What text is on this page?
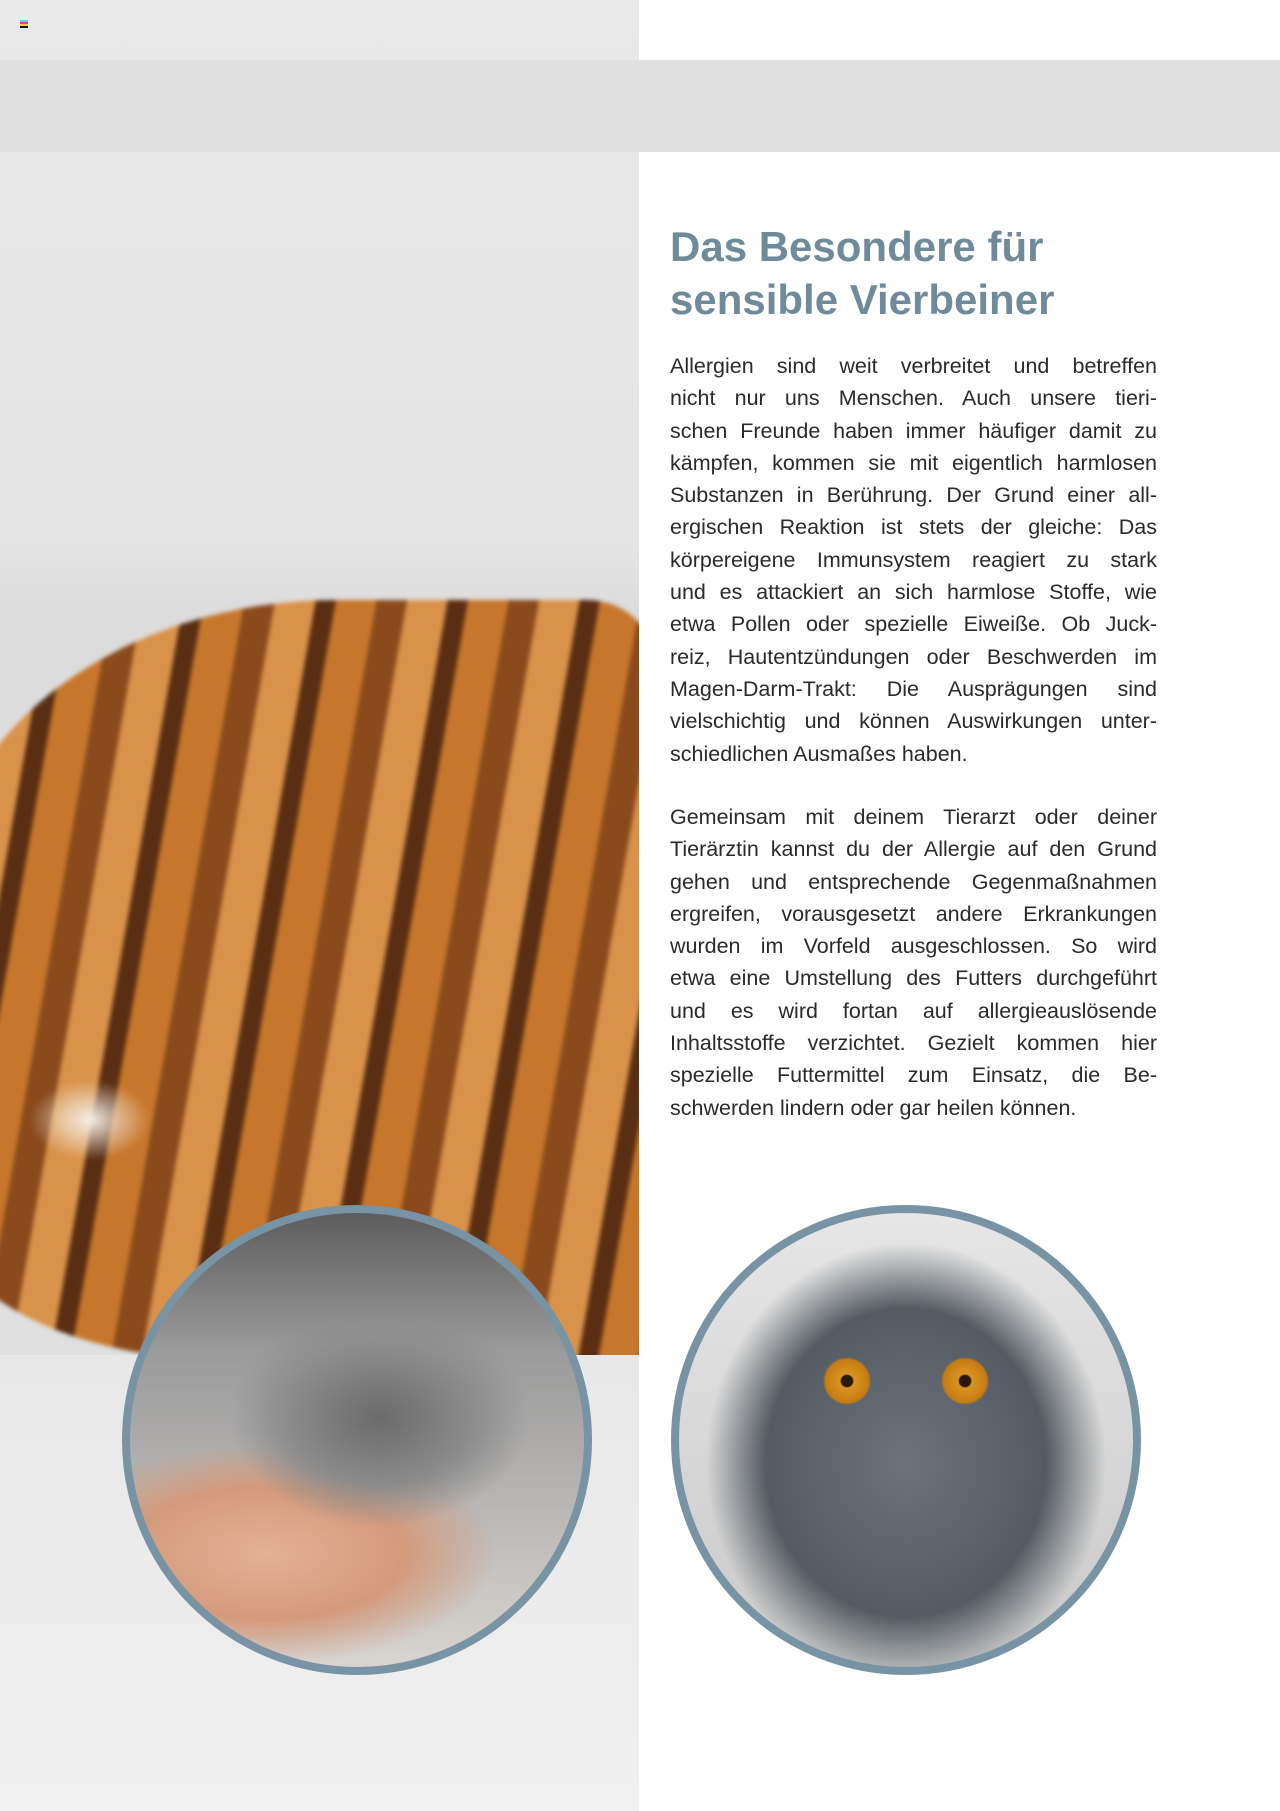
Das Besondere für
sensible Vierbeiner
Allergien sind weit verbreitet und betreffen
nicht nur uns Menschen. Auch unsere tieri-
schen Freunde haben immer häufiger damit zu
kämpfen, kommen sie mit eigentlich harmlosen
Substanzen in Berührung. Der Grund einer all-
ergischen Reaktion ist stets der gleiche: Das
körpereigene Immunsystem reagiert zu stark
und es attackiert an sich harmlose Stoffe, wie
etwa Pollen oder spezielle Eiweiße. Ob Juck-
reiz, Hautentzündungen oder Beschwerden im
Magen-Darm-Trakt: Die Ausprägungen sind
vielschichtig und können Auswirkungen unter-
schiedlichen Ausmaßes haben.
Gemeinsam mit deinem Tierarzt oder deiner
Tierärztin kannst du der Allergie auf den Grund
gehen und entsprechende Gegenmaßnahmen
ergreifen, vorausgesetzt andere Erkrankungen
wurden im Vorfeld ausgeschlossen. So wird
etwa eine Umstellung des Futters durchgeführt
und es wird fortan auf allergieauslösende
Inhaltsstoffe verzichtet. Gezielt kommen hier
spezielle Futtermittel zum Einsatz, die Be-
schwerden lindern oder gar heilen können.
